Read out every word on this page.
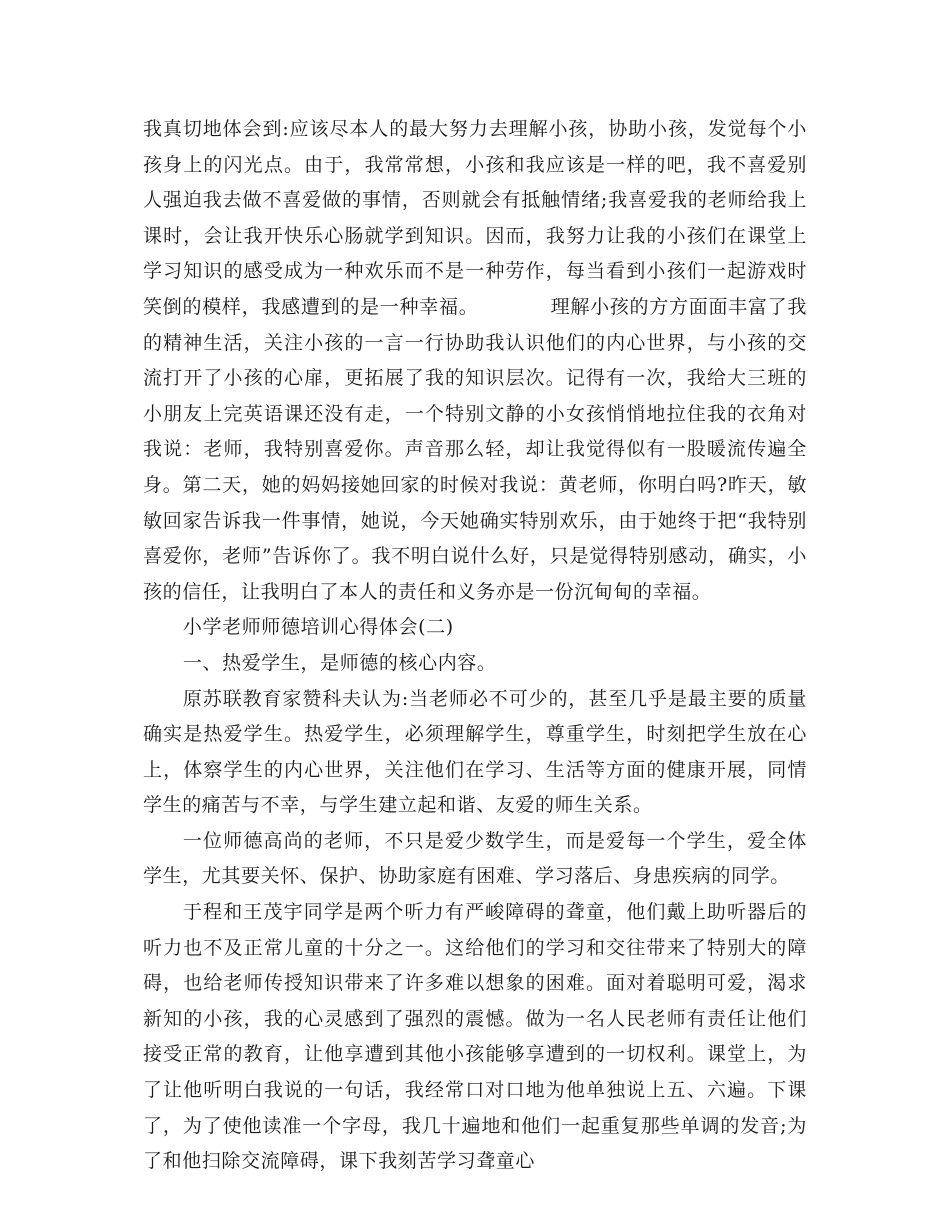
我真切地体会到:应该尽本人的最大努力去理解小孩，协助小孩，发觉每个小孩身上的闪光点。由于，我常常想，小孩和我应该是一样的吧，我不喜爱别人强迫我去做不喜爱做的事情，否则就会有抵触情绪;我喜爱我的老师给我上课时，会让我开快乐心肠就学到知识。因而，我努力让我的小孩们在课堂上学习知识的感受成为一种欢乐而不是一种劳作，每当看到小孩们一起游戏时笑倒的模样，我感遭到的是一种幸福。	理解小孩的方方面面丰富了我的精神生活，关注小孩的一言一行协助我认识他们的内心世界，与小孩的交流打开了小孩的心扉，更拓展了我的知识层次。记得有一次，我给大三班的小朋友上完英语课还没有走，一个特别文静的小女孩悄悄地拉住我的衣角对我说：老师，我特别喜爱你。声音那么轻，却让我觉得似有一股暖流传遍全身。第二天，她的妈妈接她回家的时候对我说：黄老师，你明白吗?昨天，敏敏回家告诉我一件事情，她说，今天她确实特别欢乐，由于她终于把“我特别喜爱你，老师”告诉你了。我不明白说什么好，只是觉得特别感动，确实，小孩的信任，让我明白了本人的责任和义务亦是一份沉甸甸的幸福。

小学老师师德培训心得体会(二)

一、热爱学生，是师德的核心内容。

原苏联教育家赞科夫认为:当老师必不可少的，甚至几乎是最主要的质量确实是热爱学生。热爱学生，必须理解学生，尊重学生，时刻把学生放在心上，体察学生的内心世界，关注他们在学习、生活等方面的健康开展，同情学生的痛苦与不幸，与学生建立起和谐、友爱的师生关系。

一位师德高尚的老师，不只是爱少数学生，而是爱每一个学生，爱全体学生，尤其要关怀、保护、协助家庭有困难、学习落后、身患疾病的同学。

于程和王茂宇同学是两个听力有严峻障碍的聋童，他们戴上助听器后的听力也不及正常儿童的十分之一。这给他们的学习和交往带来了特别大的障碍，也给老师传授知识带来了许多难以想象的困难。面对着聪明可爱，渴求新知的小孩，我的心灵感到了强烈的震憾。做为一名人民老师有责任让他们接受正常的教育，让他享遭到其他小孩能够享遭到的一切权利。课堂上，为了让他听明白我说的一句话，我经常口对口地为他单独说上五、六遍。下课了，为了使他读准一个字母，我几十遍地和他们一起重复那些单调的发音;为了和他扫除交流障碍，课下我刻苦学习聋童心
